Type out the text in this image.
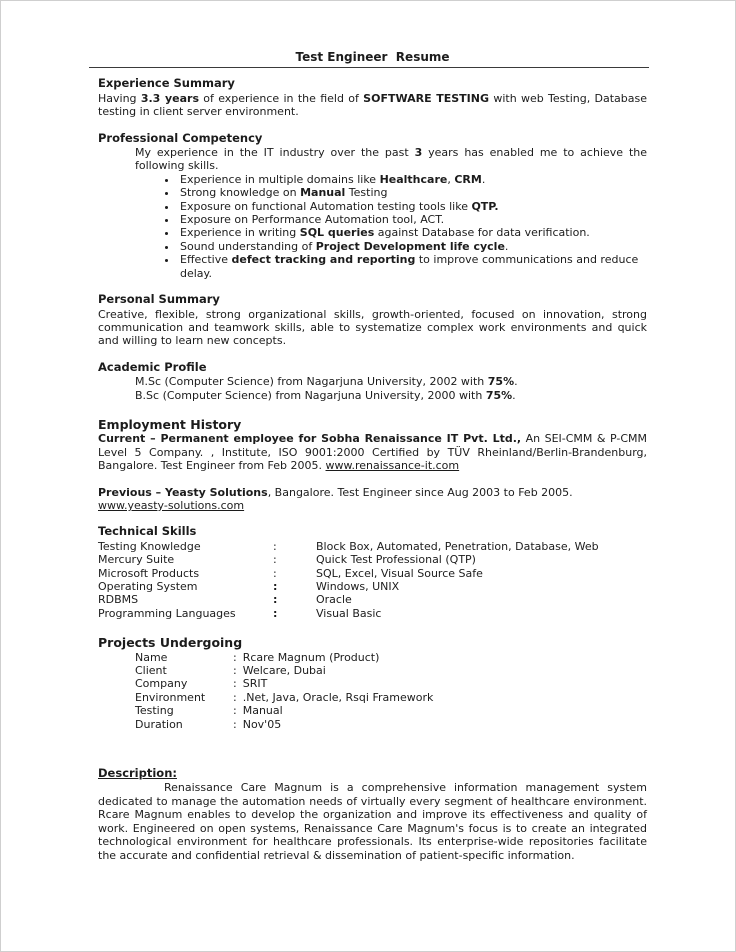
Test Engineer  Resume
Experience Summary

Having 3.3 years of experience in the field of SOFTWARE TESTING with web Testing, Database testing in client server environment.

Professional Competency

My experience in the IT industry over the past 3 years has enabled me to achieve the following skills.

• Experience in multiple domains like Healthcare, CRM.
• Strong knowledge on Manual Testing
• Exposure on functional Automation testing tools like QTP.
• Exposure on Performance Automation tool, ACT.
• Experience in writing SQL queries against Database for data verification.
• Sound understanding of Project Development life cycle.
• Effective defect tracking and reporting to improve communications and reduce delay.
Personal Summary

Creative, flexible, strong organizational skills, growth-oriented, focused on innovation, strong communication and teamwork skills, able to systematize complex work environments and quick and willing to learn new concepts.

Academic Profile

M.Sc (Computer Science) from Nagarjuna University, 2002 with 75%.

B.Sc (Computer Science) from Nagarjuna University, 2000 with 75%.

Employment History

Current – Permanent employee for Sobha Renaissance IT Pvt. Ltd., An SEI-CMM & P-CMM Level 5 Company. , Institute, ISO 9001:2000 Certified by TÜV Rheinland/Berlin-Brandenburg, Bangalore. Test Engineer from Feb 2005. www.renaissance-it.com

Previous – Yeasty Solutions, Bangalore. Test Engineer since Aug 2003 to Feb 2005.

www.yeasty-solutions.com

Technical Skills
Testing Knowledge	:	Block Box, Automated, Penetration, Database, Web
Mercury Suite	:	Quick Test Professional (QTP)
Microsoft Products	:	SQL, Excel, Visual Source Safe
Operating System	:	Windows, UNIX
RDBMS	:	Oracle
Programming Languages	:	Visual Basic
Projects Undergoing
Name	: Rcare Magnum (Product)
Client	: Welcare, Dubai
Company	: SRIT
Environment	: .Net, Java, Oracle, Rsqi Framework
Testing	: Manual
Duration	: Nov'05
Description:

Renaissance Care Magnum is a comprehensive information management system dedicated to manage the automation needs of virtually every segment of healthcare environment. Rcare Magnum enables to develop the organization and improve its effectiveness and quality of work. Engineered on open systems, Renaissance Care Magnum's focus is to create an integrated technological environment for healthcare professionals. Its enterprise-wide repositories facilitate the accurate and confidential retrieval & dissemination of patient-specific information.
